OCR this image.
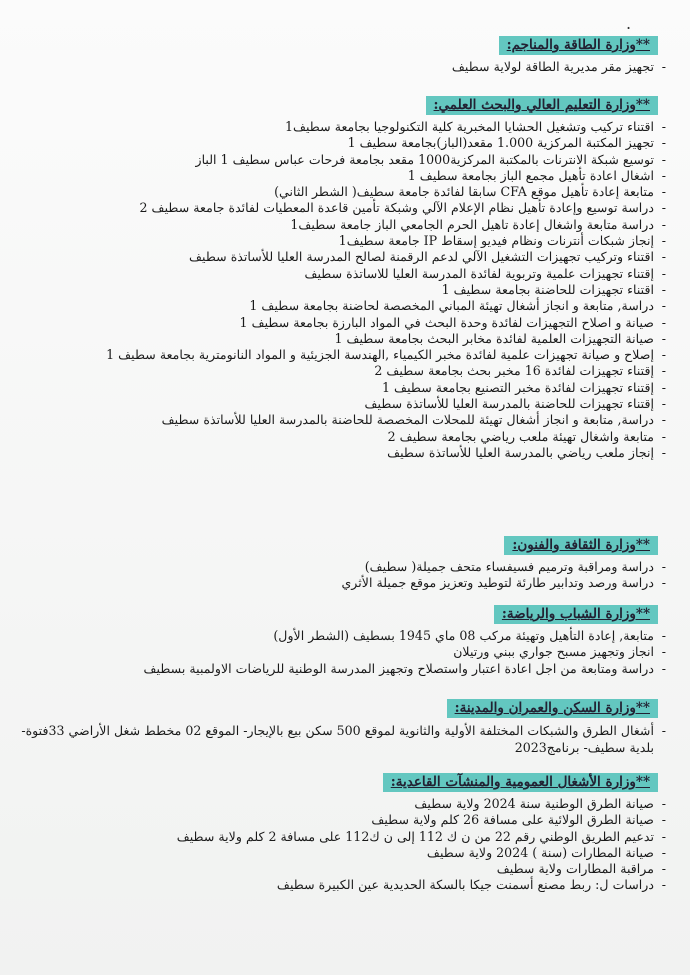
.
**وزارة الطاقة والمناجم:
- تجهيز مقر مديرية الطاقة لولاية سطيف
**وزارة التعليم العالي والبحث العلمي:
- اقتناء تركيب وتشغيل الحشايا المخبرية كلية التكنولوجيا بجامعة سطيف1
- تجهيز المكتبة المركزية 1.000 مقعد(الباز)بجامعة سطيف 1
- توسيع شبكة الانترنات بالمكتبة المركزية1000 مقعد بجامعة فرحات عباس سطيف 1 الباز
- اشغال اعادة تأهيل مجمع الباز بجامعة سطيف 1
- متابعة إعادة تأهيل موقع CFA سابقا لفائدة جامعة سطيف( الشطر الثاني)
- دراسة توسيع وإعادة تأهيل نظام الإعلام الآلي وشبكة تأمين قاعدة المعطيات لفائدة جامعة سطيف 2
- دراسة متابعة واشغال إعادة تاهيل الحرم الجامعي الباز جامعة سطيف1
- إنجاز شبكات أنترنات ونظام فيديو إسقاط IP جامعة سطيف1
- اقتناء وتركيب تجهيزات التشغيل الآلي لدعم الرقمنة لصالح المدرسة العليا للأساتذة سطيف
- إقتناء تجهيزات علمية وتربوية لفائدة المدرسة العليا للاساتذة سطيف
- اقتناء تجهيزات للحاضنة بجامعة سطيف 1
- دراسة, متابعة و انجاز أشغال تهيئة المباني المخصصة لحاضنة بجامعة سطيف 1
- صيانة و اصلاح التجهيزات لفائدة وحدة البحث في المواد البارزة بجامعة سطيف 1
- صيانة التجهيزات العلمية لفائدة مخابر البحث بجامعة سطيف 1
- إصلاح و صيانة تجهيزات علمية لفائدة مخبر الكيمياء ,الهندسة الجزيئية و المواد النانومترية بجامعة سطيف 1
- إقتناء تجهيزات لفائدة 16 مخبر بحث بجامعة سطيف 2
- إقتناء تجهيزات لفائدة مخبر التصنيع بجامعة سطيف 1
- إقتناء تجهيزات للحاضنة بالمدرسة العليا للأساتذة سطيف
- دراسة, متابعة و انجاز أشغال تهيئة للمحلات المخصصة للحاضنة بالمدرسة العليا للأساتذة سطيف
- متابعة واشغال تهيئة ملعب رياضي بجامعة سطيف 2
- إنجاز ملعب رياضي بالمدرسة العليا للأساتذة سطيف
**وزارة الثقافة والفنون:
- دراسة ومراقبة وترميم فسيفساء متحف جميلة( سطيف)
- دراسة ورصد وتدابير طارئة لتوطيد وتعزيز موقع جميلة الأثري
**وزارة الشباب والرياضة:
- متابعة, إعادة التأهيل وتهيئة مركب 08 ماي 1945 بسطيف (الشطر الأول)
- انجاز وتجهيز مسبح جواري ببني ورتيلان
- دراسة ومتابعة من اجل اعادة اعتبار واستصلاح وتجهيز المدرسة الوطنية للرياضات الاولمبية بسطيف
**وزارة السكن والعمران والمدينة:
- أشغال الطرق والشبكات المختلفة الأولية والثانوية لموقع 500 سكن بيع بالإيجار- الموقع 02 مخطط شغل الأراضي 33فتوة- بلدية سطيف- برنامج2023
**وزارة الأشغال العمومية والمنشآت القاعدية:
- صيانة الطرق الوطنية سنة 2024 ولاية سطيف
- صيانة الطرق الولائية على مسافة 26 كلم ولاية سطيف
- تدعيم الطريق الوطني رقم 22 من ن ك 112 إلى ن ك112 على مسافة 2 كلم ولاية سطيف
- صيانة المطارات (سنة ) 2024 ولاية سطيف
- مراقبة المطارات ولاية سطيف
- دراسات ل: ربط مصنع أسمنت جيكا بالسكة الحديدية عين الكبيرة سطيف
